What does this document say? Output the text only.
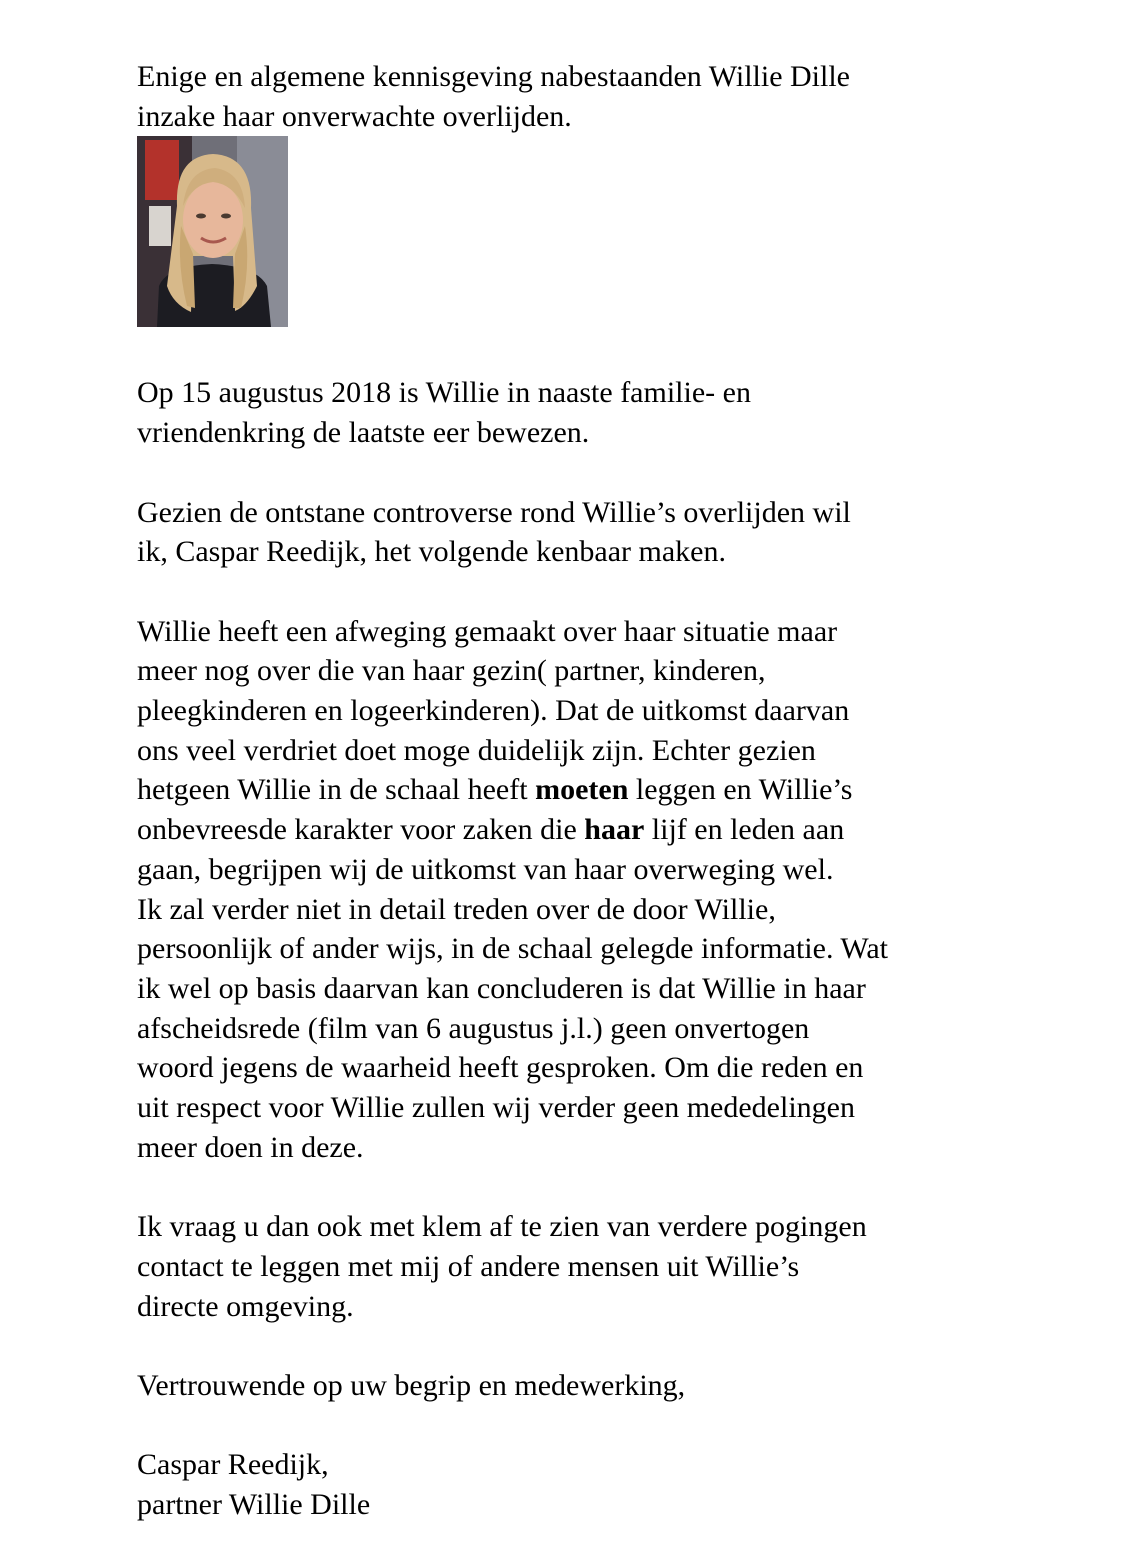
Enige en algemene kennisgeving nabestaanden Willie Dille
inzake haar onverwachte overlijden.
Op 15 augustus 2018 is Willie in naaste familie- en
vriendenkring de laatste eer bewezen.
Gezien de ontstane controverse rond Willie’s overlijden wil
ik, Caspar Reedijk, het volgende kenbaar maken.
Willie heeft een afweging gemaakt over haar situatie maar
meer nog over die van haar gezin( partner, kinderen,
pleegkinderen en logeerkinderen). Dat de uitkomst daarvan
ons veel verdriet doet moge duidelijk zijn. Echter gezien
hetgeen Willie in de schaal heeft moeten leggen en Willie’s
onbevreesde karakter voor zaken die haar lijf en leden aan
gaan, begrijpen wij de uitkomst van haar overweging wel.
Ik zal verder niet in detail treden over de door Willie,
persoonlijk of ander wijs, in de schaal gelegde informatie. Wat
ik wel op basis daarvan kan concluderen is dat Willie in haar
afscheidsrede (film van 6 augustus j.l.) geen onvertogen
woord jegens de waarheid heeft gesproken. Om die reden en
uit respect voor Willie zullen wij verder geen mededelingen
meer doen in deze.
Ik vraag u dan ook met klem af te zien van verdere pogingen
contact te leggen met mij of andere mensen uit Willie’s
directe omgeving.
Vertrouwende op uw begrip en medewerking,
Caspar Reedijk,
partner Willie Dille
